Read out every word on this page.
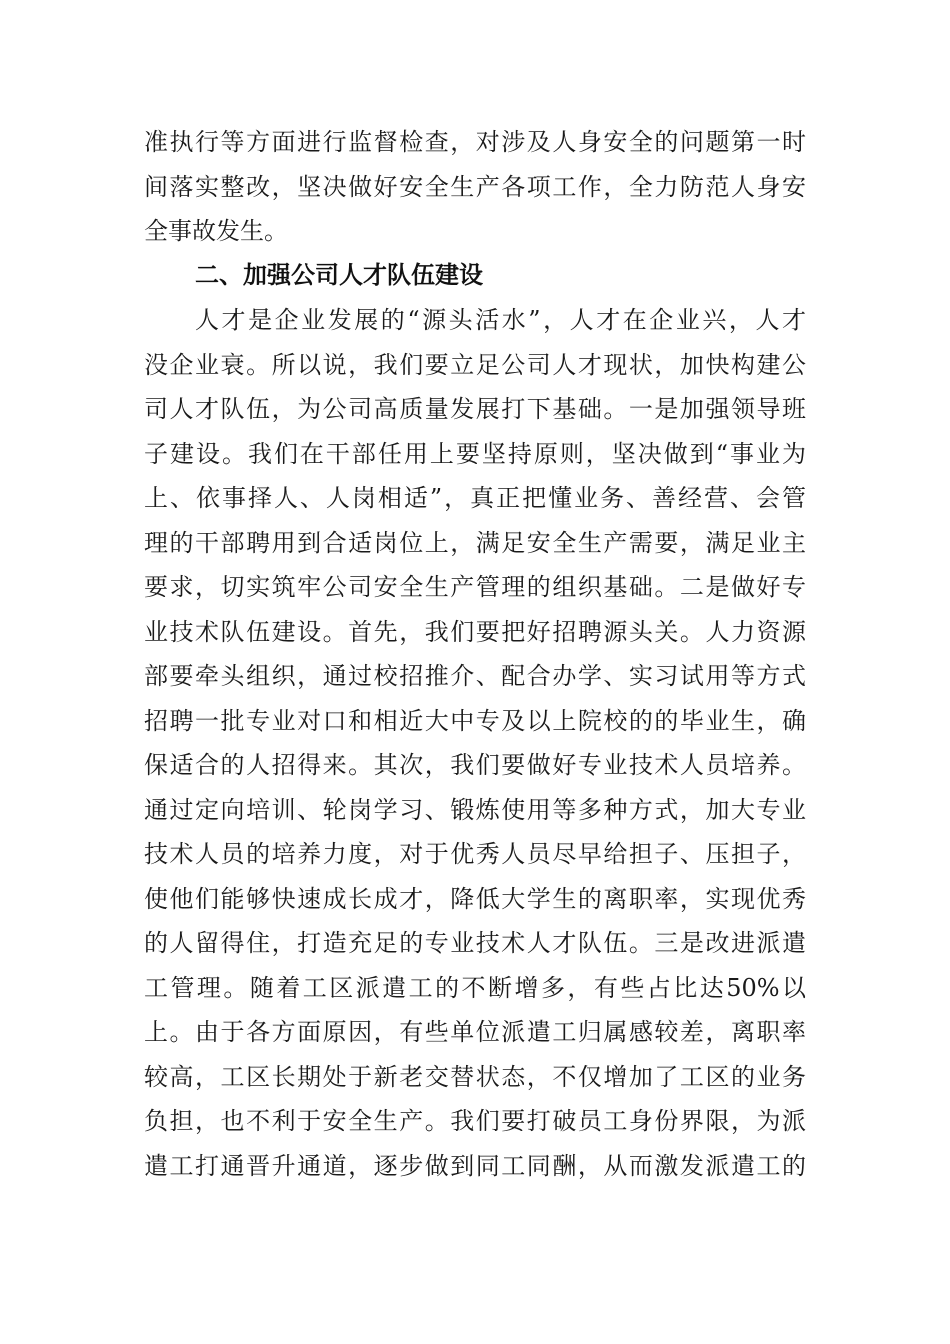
准执行等方面进行监督检查，对涉及人身安全的问题第一时
间落实整改，坚决做好安全生产各项工作，全力防范人身安
全事故发生。
二、加强公司人才队伍建设
人才是企业发展的“源头活水”，人才在企业兴，人才
没企业衰。所以说，我们要立足公司人才现状，加快构建公
司人才队伍，为公司高质量发展打下基础。一是加强领导班
子建设。我们在干部任用上要坚持原则，坚决做到“事业为
上、依事择人、人岗相适”，真正把懂业务、善经营、会管
理的干部聘用到合适岗位上，满足安全生产需要，满足业主
要求，切实筑牢公司安全生产管理的组织基础。二是做好专
业技术队伍建设。首先，我们要把好招聘源头关。人力资源
部要牵头组织，通过校招推介、配合办学、实习试用等方式
招聘一批专业对口和相近大中专及以上院校的的毕业生，确
保适合的人招得来。其次，我们要做好专业技术人员培养。
通过定向培训、轮岗学习、锻炼使用等多种方式，加大专业
技术人员的培养力度，对于优秀人员尽早给担子、压担子，
使他们能够快速成长成才，降低大学生的离职率，实现优秀
的人留得住，打造充足的专业技术人才队伍。三是改进派遣
工管理。随着工区派遣工的不断增多，有些占比达50%以
上。由于各方面原因，有些单位派遣工归属感较差，离职率
较高，工区长期处于新老交替状态，不仅增加了工区的业务
负担，也不利于安全生产。我们要打破员工身份界限，为派
遣工打通晋升通道，逐步做到同工同酬，从而激发派遣工的
